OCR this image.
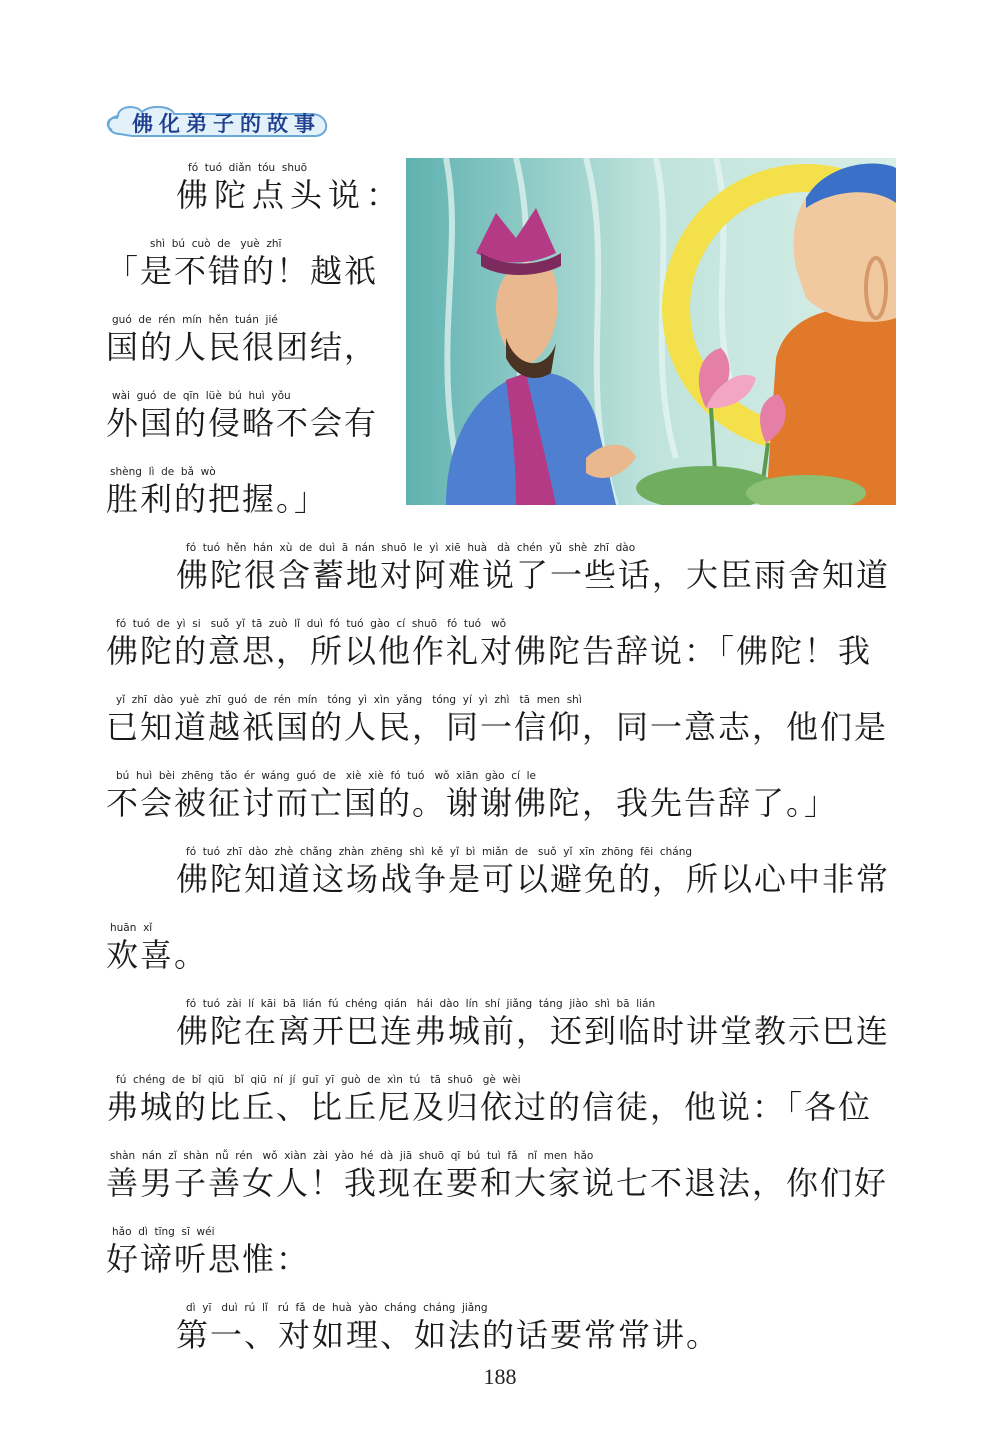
佛化弟子的故事
fó  tuó  diǎn  tóu  shuō
佛陀点头说：
shì  bú  cuò  de   yuè  zhī
「是不错的！越祇
guó  de  rén  mín  hěn  tuán  jié
国的人民很团结，
wài  guó  de  qīn  lüè  bú  huì  yǒu
外国的侵略不会有
shèng  lì  de  bǎ  wò
胜利的把握。」
fó  tuó  hěn  hán  xù  de  duì  ā  nán  shuō  le  yì  xiē  huà   dà  chén  yǔ  shè  zhī  dào
佛陀很含蓄地对阿难说了一些话，大臣雨舍知道
fó  tuó  de  yì  si   suǒ  yǐ  tā  zuò  lǐ  duì  fó  tuó  gào  cí  shuō   fó  tuó   wǒ
佛陀的意思，所以他作礼对佛陀告辞说：「佛陀！我
yǐ  zhī  dào  yuè  zhī  guó  de  rén  mín   tóng  yì  xìn  yǎng   tóng  yí  yì  zhì   tā  men  shì
已知道越祇国的人民，同一信仰，同一意志，他们是
bú  huì  bèi  zhēng  tǎo  ér  wáng  guó  de   xiè  xiè  fó  tuó   wǒ  xiān  gào  cí  le
不会被征讨而亡国的。谢谢佛陀，我先告辞了。」
fó  tuó  zhī  dào  zhè  chǎng  zhàn  zhēng  shì  kě  yǐ  bì  miǎn  de   suǒ  yǐ  xīn  zhōng  fēi  cháng
佛陀知道这场战争是可以避免的，所以心中非常
huān  xǐ
欢喜。
fó  tuó  zài  lí  kāi  bā  lián  fú  chéng  qián   hái  dào  lín  shí  jiǎng  táng  jiào  shì  bā  lián
佛陀在离开巴连弗城前，还到临时讲堂教示巴连
fú  chéng  de  bǐ  qiū   bǐ  qiū  ní  jí  guī  yī  guò  de  xìn  tú   tā  shuō   gè  wèi
弗城的比丘、比丘尼及归依过的信徒，他说：「各位
shàn  nán  zǐ  shàn  nǚ  rén   wǒ  xiàn  zài  yào  hé  dà  jiā  shuō  qī  bú  tuì  fǎ   nǐ  men  hǎo
善男子善女人！我现在要和大家说七不退法，你们好
hǎo  dì  tīng  sī  wéi
好谛听思惟：
dì  yī   duì  rú  lǐ   rú  fǎ  de  huà  yào  cháng  cháng  jiǎng
第一、对如理、如法的话要常常讲。
188
